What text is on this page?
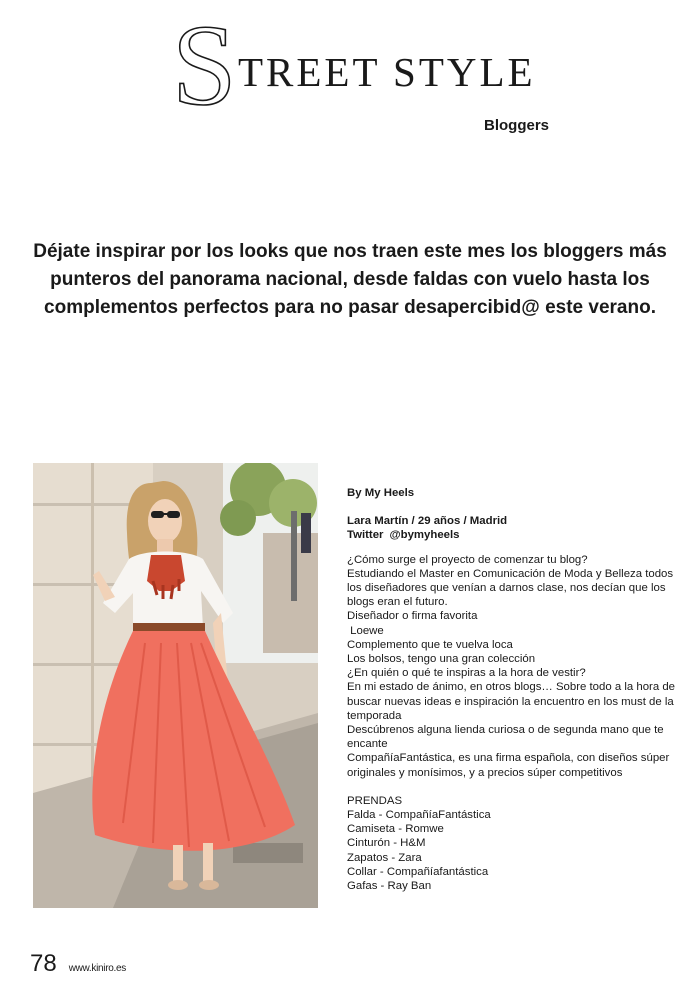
S TREET STYLE
Bloggers
Déjate inspirar por los looks que nos traen este mes los bloggers más punteros del panorama nacional, desde faldas con vuelo hasta los complementos perfectos para no pasar desapercibid@ este verano.
By My Heels
Lara Martín / 29 años / Madrid
Twitter @bymyheels
¿Cómo surge el proyecto de comenzar tu blog?
Estudiando el Master en Comunicación de Moda y Belleza todos los diseñadores que venían a darnos clase, nos decían que los blogs eran el futuro.
Diseñador o firma favorita
Loewe
Complemento que te vuelva loca
Los bolsos, tengo una gran colección
¿En quién o qué te inspiras a la hora de vestir?
En mi estado de ánimo, en otros blogs… Sobre todo a la hora de buscar nuevas ideas e inspiración la encuentro en los must de la temporada
Descúbrenos alguna lienda curiosa o de segunda mano que te encante
CompañíaFantástica, es una firma española, con diseños súper originales y monísimos, y a precios súper competitivos
PRENDAS
Falda - CompañíaFantástica
Camiseta - Romwe
Cinturón - H&M
Zapatos - Zara
Collar - Compañíafantástica
Gafas - Ray Ban
78 www.kiniro.es
